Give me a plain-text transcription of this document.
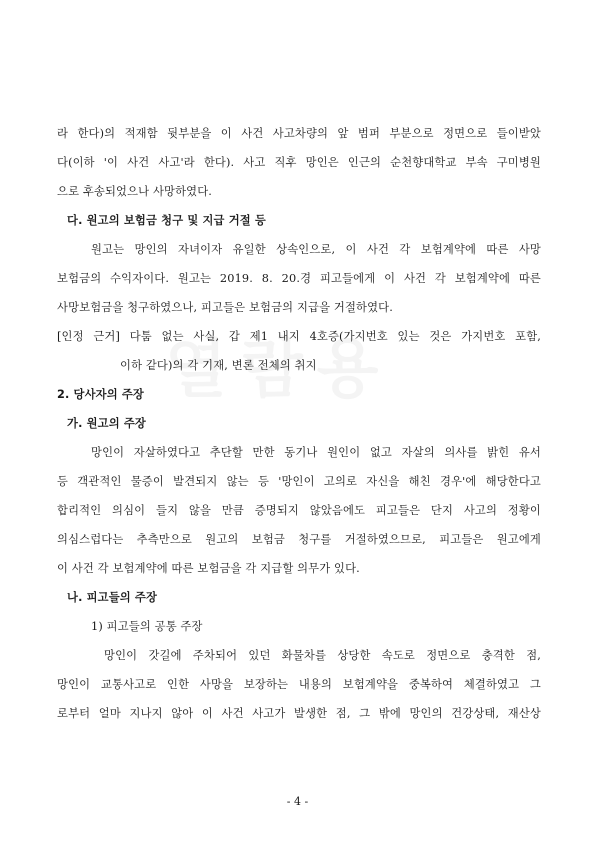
라 한다)의 적재함 뒷부분을 이 사건 사고차량의 앞 범퍼 부분으로 정면으로 들이받았
다(이하 '이 사건 사고'라 한다). 사고 직후 망인은 인근의 순천향대학교 부속 구미병원
으로 후송되었으나 사망하였다.
다. 원고의 보험금 청구 및 지급 거절 등
원고는 망인의 자녀이자 유일한 상속인으로, 이 사건 각 보험계약에 따른 사망
보험금의 수익자이다. 원고는 2019. 8. 20.경 피고들에게 이 사건 각 보험계약에 따른
사망보험금을 청구하였으나, 피고들은 보험금의 지급을 거절하였다.
[인정 근거] 다툼 없는 사실, 갑 제1 내지 4호증(가지번호 있는 것은 가지번호 포함,
이하 같다)의 각 기재, 변론 전체의 취지
2. 당사자의 주장
가. 원고의 주장
망인이 자살하였다고 추단할 만한 동기나 원인이 없고 자살의 의사를 밝힌 유서
등 객관적인 물증이 발견되지 않는 등 '망인이 고의로 자신을 해친 경우'에 해당한다고
합리적인 의심이 들지 않을 만큼 증명되지 않았음에도 피고들은 단지 사고의 정황이
의심스럽다는 추측만으로 원고의 보험금 청구를 거절하였으므로, 피고들은 원고에게
이 사건 각 보험계약에 따른 보험금을 각 지급할 의무가 있다.
나. 피고들의 주장
1) 피고들의 공통 주장
망인이 갓길에 주차되어 있던 화물차를 상당한 속도로 정면으로 충격한 점,
망인이 교통사고로 인한 사망을 보장하는 내용의 보험계약을 중복하여 체결하였고 그
로부터 얼마 지나지 않아 이 사건 사고가 발생한 점, 그 밖에 망인의 건강상태, 재산상
- 4 -
